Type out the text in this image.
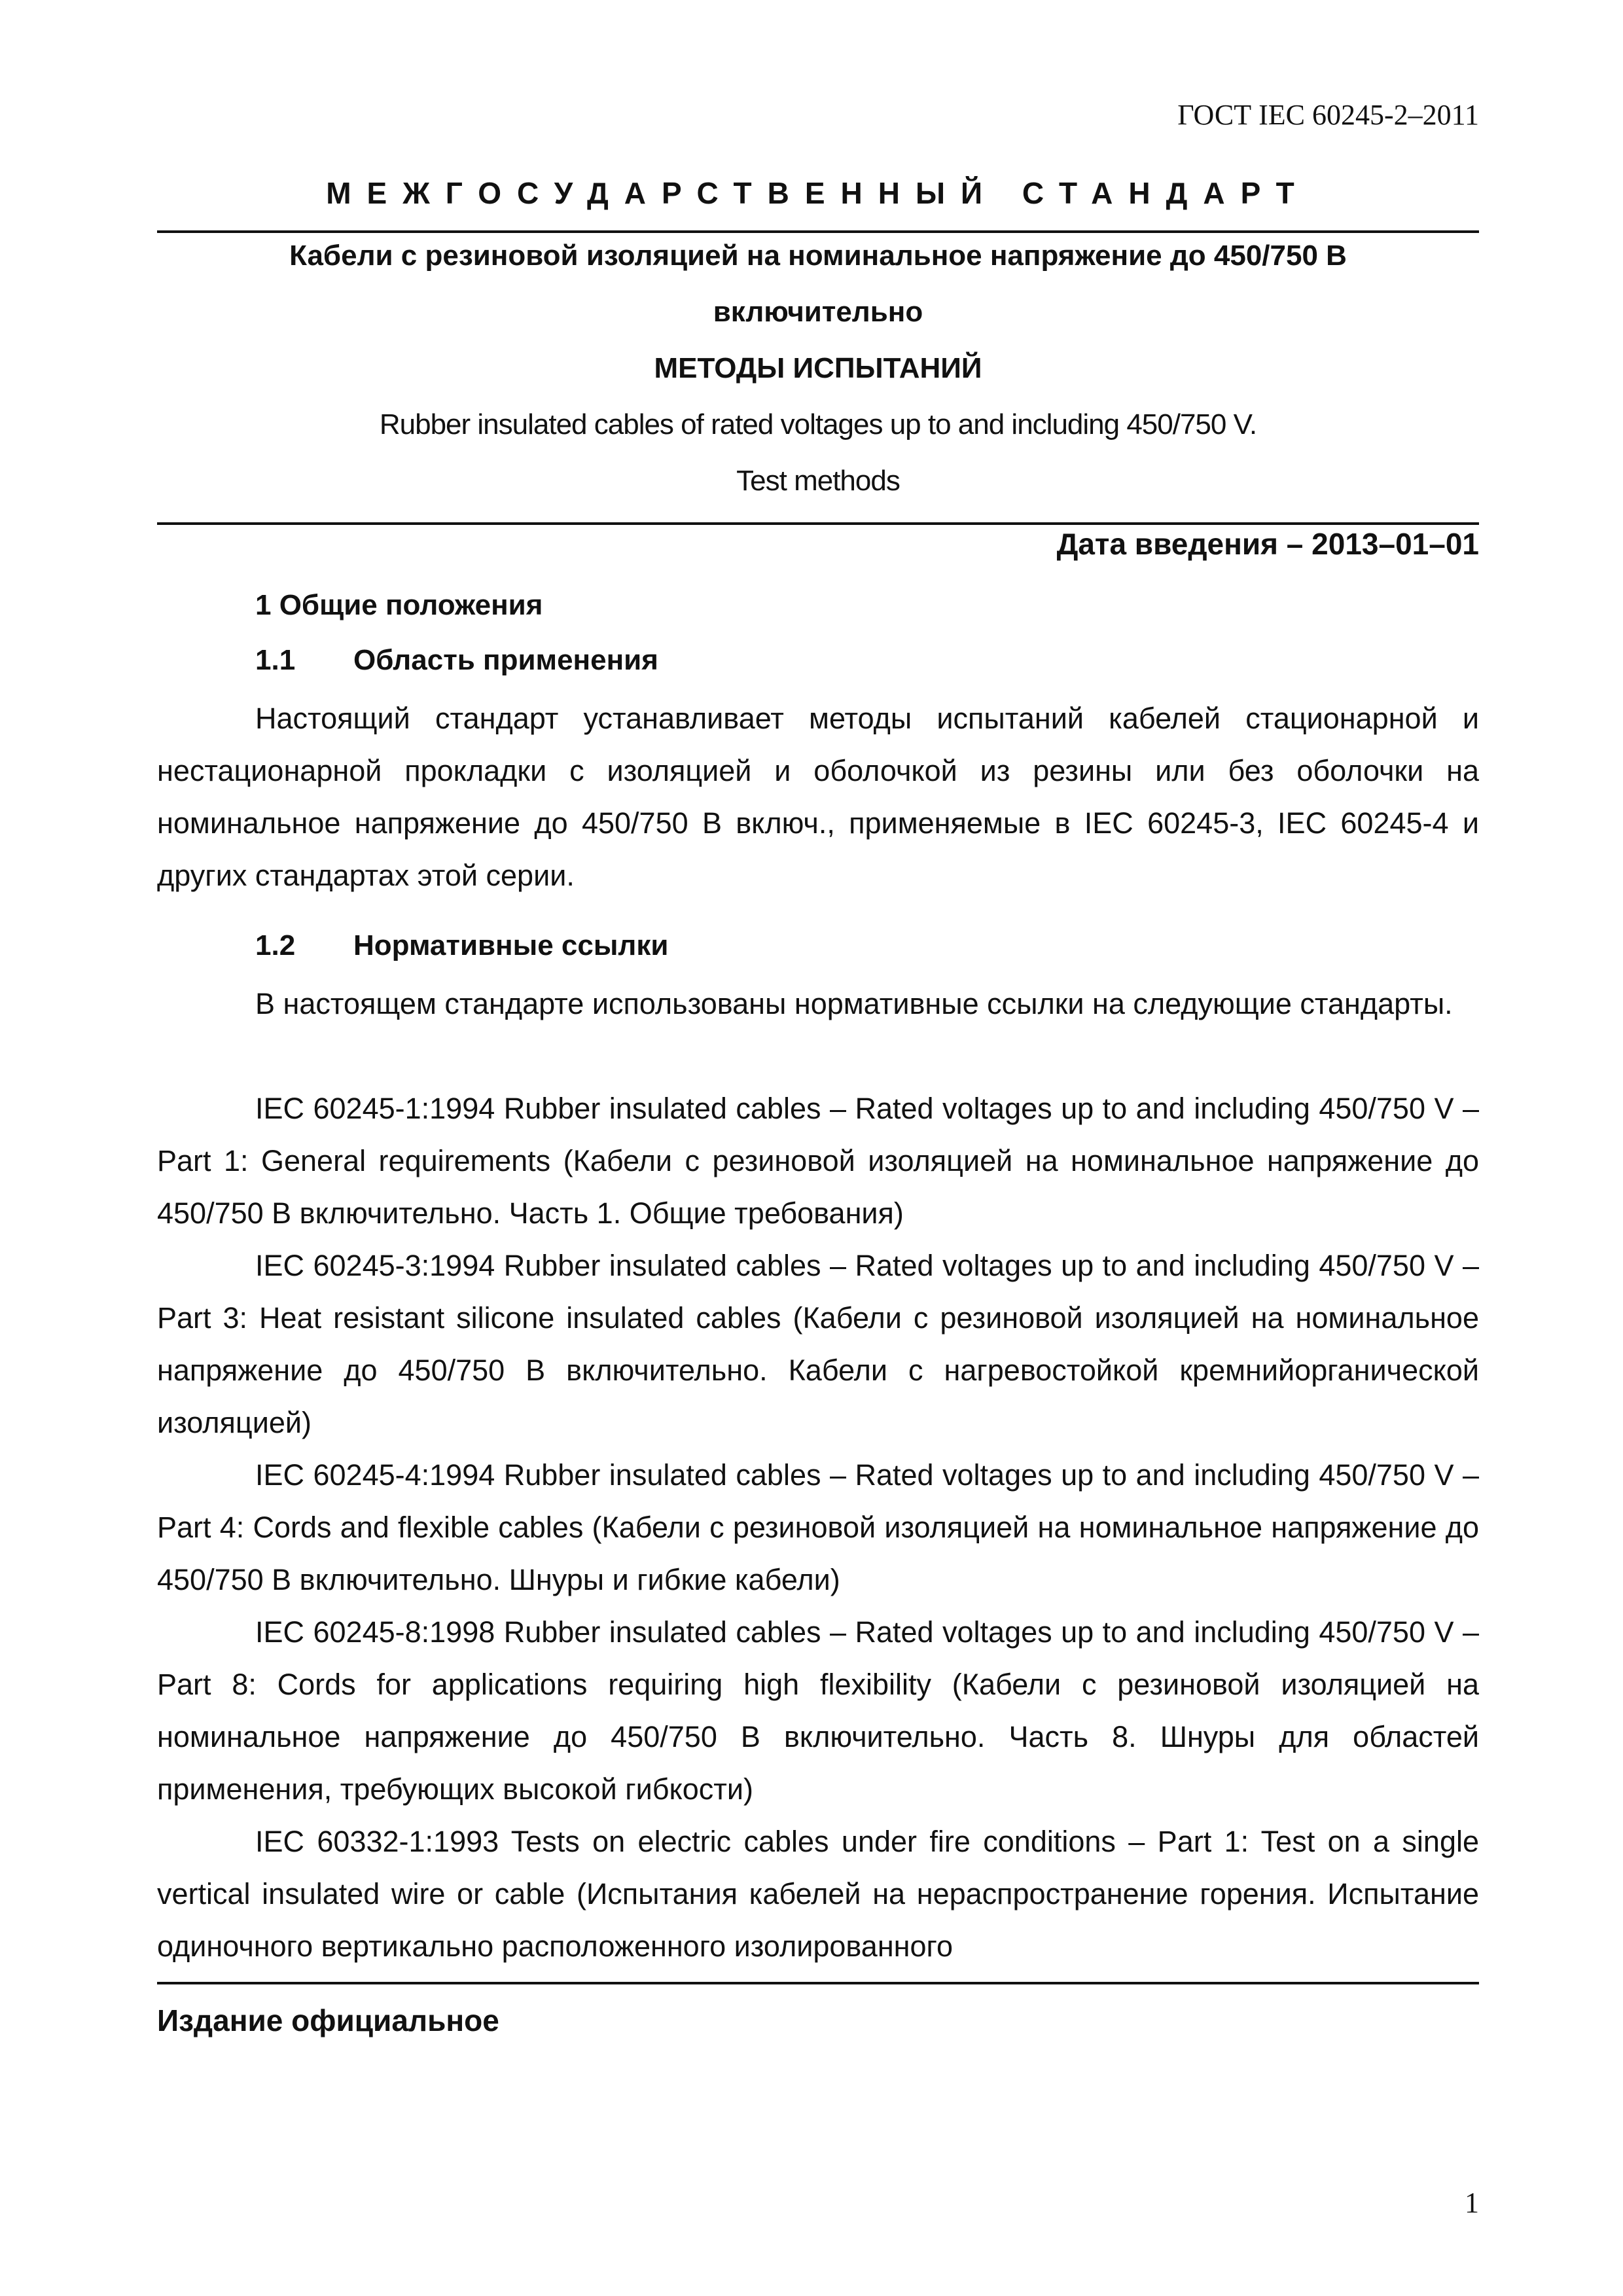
ГОСТ IEC 60245-2–2011
МЕЖГОСУДАРСТВЕННЫЙ СТАНДАРТ
Кабели с резиновой изоляцией на номинальное напряжение до 450/750 В
включительно
МЕТОДЫ ИСПЫТАНИЙ
Rubber insulated cables of rated voltages up to and including 450/750 V.
Test methods
Дата введения – 2013–01–01
1 Общие положения
1.1 Область применения

Настоящий стандарт устанавливает методы испытаний кабелей стационарной и нестационарной прокладки с изоляцией и оболочкой из резины или без оболочки на номинальное напряжение до 450/750 В включ., применяемые в IEC 60245-3, IEC 60245-4 и других стандартах этой серии.

1.2 Нормативные ссылки

В настоящем стандарте использованы нормативные ссылки на следующие стандарты.

IEC 60245-1:1994 Rubber insulated cables – Rated voltages up to and including 450/750 V – Part 1: General requirements (Кабели с резиновой изоляцией на номинальное напряжение до 450/750 В включительно. Часть 1. Общие требования)

IEC 60245-3:1994 Rubber insulated cables – Rated voltages up to and including 450/750 V – Part 3: Heat resistant silicone insulated cables (Кабели с резиновой изоляцией на номинальное напряжение до 450/750 В включительно. Кабели с нагревостойкой кремнийорганической изоляцией)

IEC 60245-4:1994 Rubber insulated cables – Rated voltages up to and including 450/750 V – Part 4: Cords and flexible cables (Кабели с резиновой изоляцией на номинальное напряжение до 450/750 В включительно. Шнуры и гибкие кабели)

IEC 60245-8:1998 Rubber insulated cables – Rated voltages up to and including 450/750 V – Part 8: Cords for applications requiring high flexibility (Кабели с резиновой изоляцией на номинальное напряжение до 450/750 В включительно. Часть 8. Шнуры для областей применения, требующих высокой гибкости)

IEC 60332-1:1993 Tests on electric cables under fire conditions – Part 1: Test on a single vertical insulated wire or cable (Испытания кабелей на нераспространение горения. Испытание одиночного вертикально расположенного изолированного

Издание официальное
1
